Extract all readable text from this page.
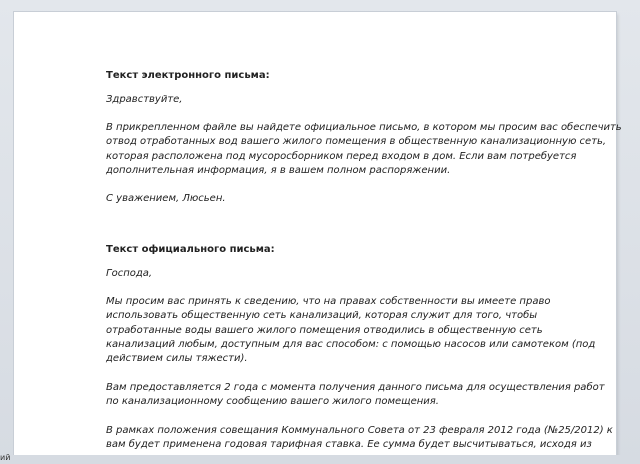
Текст электронного письма:
Здравствуйте,
В прикрепленном файле вы найдете официальное письмо, в котором мы просим вас обеспечить
отвод отработанных вод вашего жилого помещения в общественную канализационную сеть,
которая расположена под мусоросборником перед входом в дом. Если вам потребуется
дополнительная информация, я в вашем полном распоряжении.
С уважением, Люсьен.
Текст официального письма:
Господа,
Мы просим вас принять к сведению, что на правах собственности вы имеете право
использовать общественную сеть канализаций, которая служит для того, чтобы
отработанные воды вашего жилого помещения отводились в общественную сеть
канализаций любым, доступным для вас способом: с помощью насосов или самотеком (под
действием силы тяжести).
Вам предоставляется 2 года с момента получения данного письма для осуществления работ
по канализационному сообщению вашего жилого помещения.
В рамках положения совещания Коммунального Совета от 23 февраля 2012 года (№25/2012) к
вам будет применена годовая тарифная ставка. Ее сумма будет высчитываться, исходя из
ий
